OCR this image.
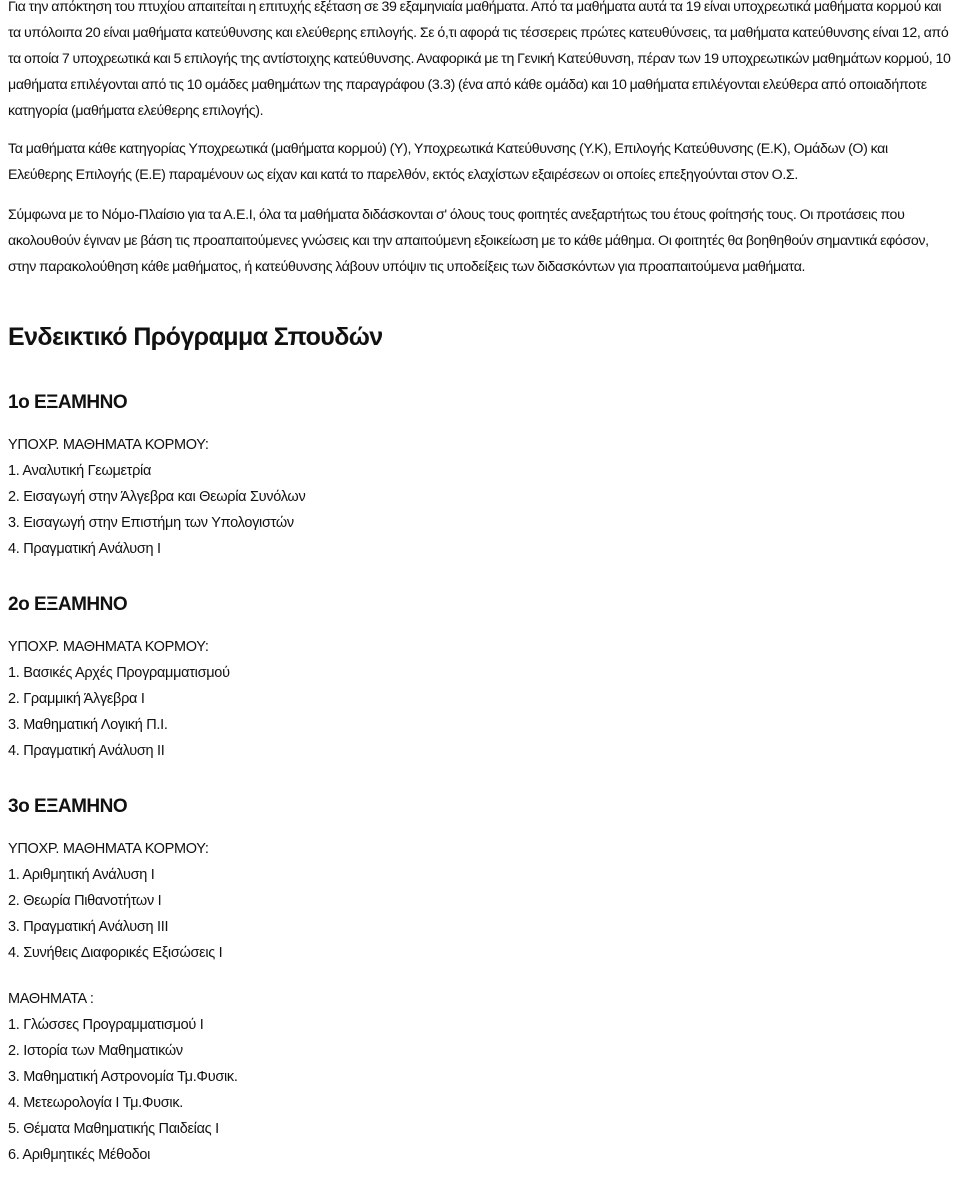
Για την απόκτηση του πτυχίου απαιτείται η επιτυχής εξέταση σε 39 εξαμηνιαία μαθήματα. Από τα μαθήματα αυτά τα 19 είναι υποχρεωτικά μαθήματα κορμού και τα υπόλοιπα 20 είναι μαθήματα κατεύθυνσης και ελεύθερης επιλογής. Σε ό,τι αφορά τις τέσσερεις πρώτες κατευθύνσεις, τα μαθήματα κατεύθυνσης είναι 12, από τα οποία 7 υποχρεωτικά και 5 επιλογής της αντίστοιχης κατεύθυνσης. Αναφορικά με τη Γενική Κατεύθυνση, πέραν των 19 υποχρεωτικών μαθημάτων κορμού, 10 μαθήματα επιλέγονται από τις 10 ομάδες μαθημάτων της παραγράφου (3.3) (ένα από κάθε ομάδα) και 10 μαθήματα επιλέγονται ελεύθερα από οποιαδήποτε κατηγορία (μαθήματα ελεύθερης επιλογής).

Τα μαθήματα κάθε κατηγορίας Υποχρεωτικά (μαθήματα κορμού) (Υ), Υποχρεωτικά Κατεύθυνσης (Υ.Κ), Επιλογής Κατεύθυνσης (Ε.Κ), Ομάδων (Ο) και Ελεύθερης Επιλογής (Ε.Ε) παραμένουν ως είχαν και κατά το παρελθόν, εκτός ελαχίστων εξαιρέσεων οι οποίες επεξηγούνται στον Ο.Σ.

Σύμφωνα με το Νόμο-Πλαίσιο για τα Α.Ε.Ι, όλα τα μαθήματα διδάσκονται σ' όλους τους φοιτητές ανεξαρτήτως του έτους φοίτησής τους. Οι προτάσεις που ακολουθούν έγιναν με βάση τις προαπαιτούμενες γνώσεις και την απαιτούμενη εξοικείωση με το κάθε μάθημα. Οι φοιτητές θα βοηθηθούν σημαντικά εφόσον, στην παρακολούθηση κάθε μαθήματος, ή κατεύθυνσης λάβουν υπόψιν τις υποδείξεις των διδασκόντων για προαπαιτούμενα μαθήματα.

Ενδεικτικό Πρόγραμμα Σπουδών
1ο ΕΞΑΜΗΝΟ
ΥΠΟΧΡ. ΜΑΘΗΜΑΤΑ ΚΟΡΜΟΥ:
1. Αναλυτική Γεωμετρία
2. Εισαγωγή στην Άλγεβρα και Θεωρία Συνόλων
3. Εισαγωγή στην Επιστήμη των Υπολογιστών
4. Πραγματική Ανάλυση Ι
2ο ΕΞΑΜΗΝΟ
ΥΠΟΧΡ. ΜΑΘΗΜΑΤΑ ΚΟΡΜΟΥ:
1. Βασικές Αρχές Προγραμματισμού
2. Γραμμική Άλγεβρα Ι
3. Μαθηματική Λογική Π.Ι.
4. Πραγματική Ανάλυση ΙΙ
3ο ΕΞΑΜΗΝΟ
ΥΠΟΧΡ. ΜΑΘΗΜΑΤΑ ΚΟΡΜΟΥ:
1. Αριθμητική Ανάλυση Ι
2. Θεωρία Πιθανοτήτων Ι
3. Πραγματική Ανάλυση ΙΙΙ
4. Συνήθεις Διαφορικές Εξισώσεις Ι
ΜΑΘΗΜΑΤΑ :
1. Γλώσσες Προγραμματισμού Ι
2. Ιστορία των Μαθηματικών
3. Μαθηματική Αστρονομία Τμ.Φυσικ.
4. Μετεωρολογία Ι Τμ.Φυσικ.
5. Θέματα Μαθηματικής Παιδείας Ι
6. Αριθμητικές Μέθοδοι
